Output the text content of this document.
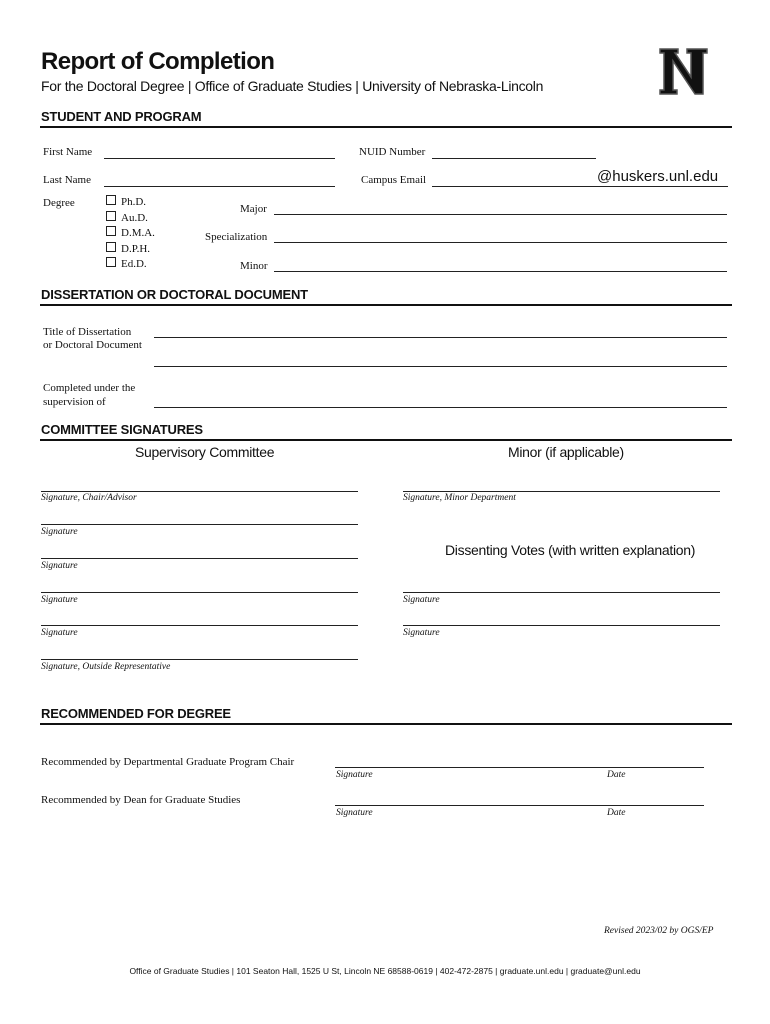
Report of Completion
For the Doctoral Degree | Office of Graduate Studies | University of Nebraska-Lincoln
STUDENT AND PROGRAM
First Name	NUID Number
Last Name	Campus Email	@huskers.unl.edu
Degree	Ph.D.
Au.D.
D.M.A.
D.P.H.
Ed.D.
Major
Specialization
Minor
DISSERTATION OR DOCTORAL DOCUMENT
Title of Dissertation
or Doctoral Document
Completed under the
supervision of
COMMITTEE SIGNATURES
Supervisory Committee	Minor (if applicable)
Signature, Chair/Advisor	Signature, Minor Department
Signature
Dissenting Votes (with written explanation)
Signature
Signature	Signature
Signature	Signature
Signature, Outside Representative
RECOMMENDED FOR DEGREE
Recommended by Departmental Graduate Program Chair
Signature	Date
Recommended by Dean for Graduate Studies
Signature	Date
Revised 2023/02 by OGS/EP
Office of Graduate Studies | 101 Seaton Hall, 1525 U St, Lincoln NE 68588-0619 | 402-472-2875 | graduate.unl.edu | graduate@unl.edu
